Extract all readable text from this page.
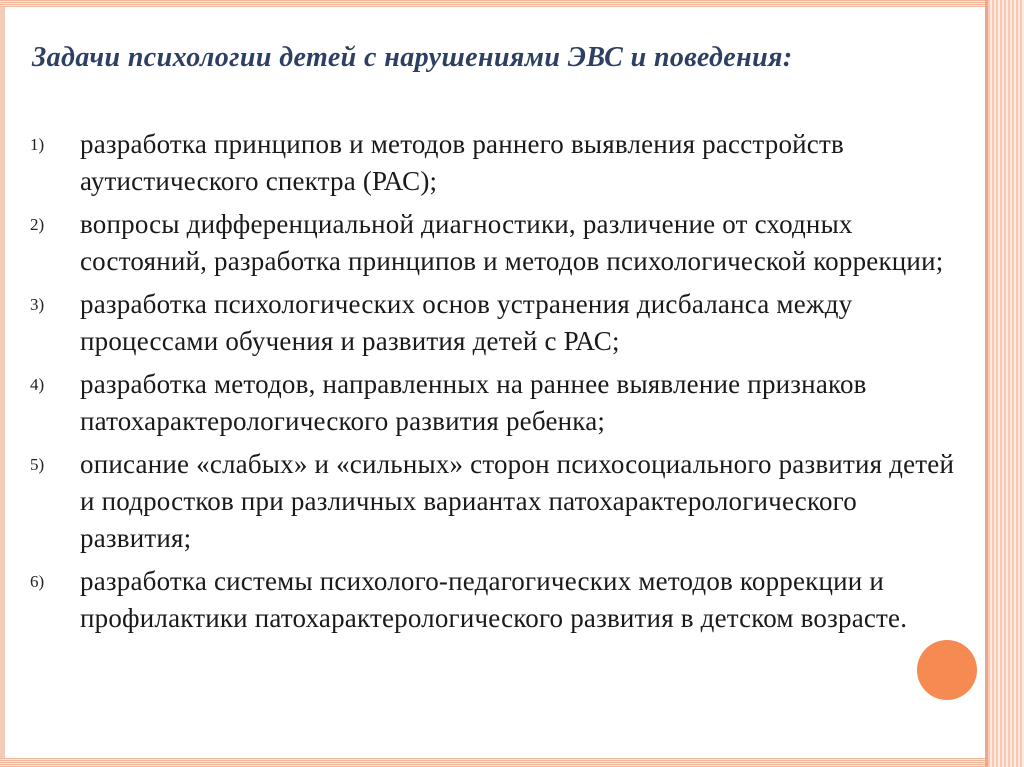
Задачи психологии детей с нарушениями ЭВС и поведения:
1)	разработка принципов и методов раннего выявления расстройств аутистического спектра (РАС);
2)	вопросы дифференциальной диагностики, различение от сходных состояний, разработка принципов и методов психологической коррекции;
3)	разработка психологических основ устранения дисбаланса между процессами обучения и развития детей с РАС;
4)	разработка методов, направленных на раннее выявление признаков патохарактерологического развития ребенка;
5)	описание «слабых» и «сильных» сторон психосоциального развития детей и подростков при различных вариантах патохарактерологического развития;
6)	разработка системы психолого-педагогических методов коррекции и профилактики патохарактерологического развития в детском возрасте.
